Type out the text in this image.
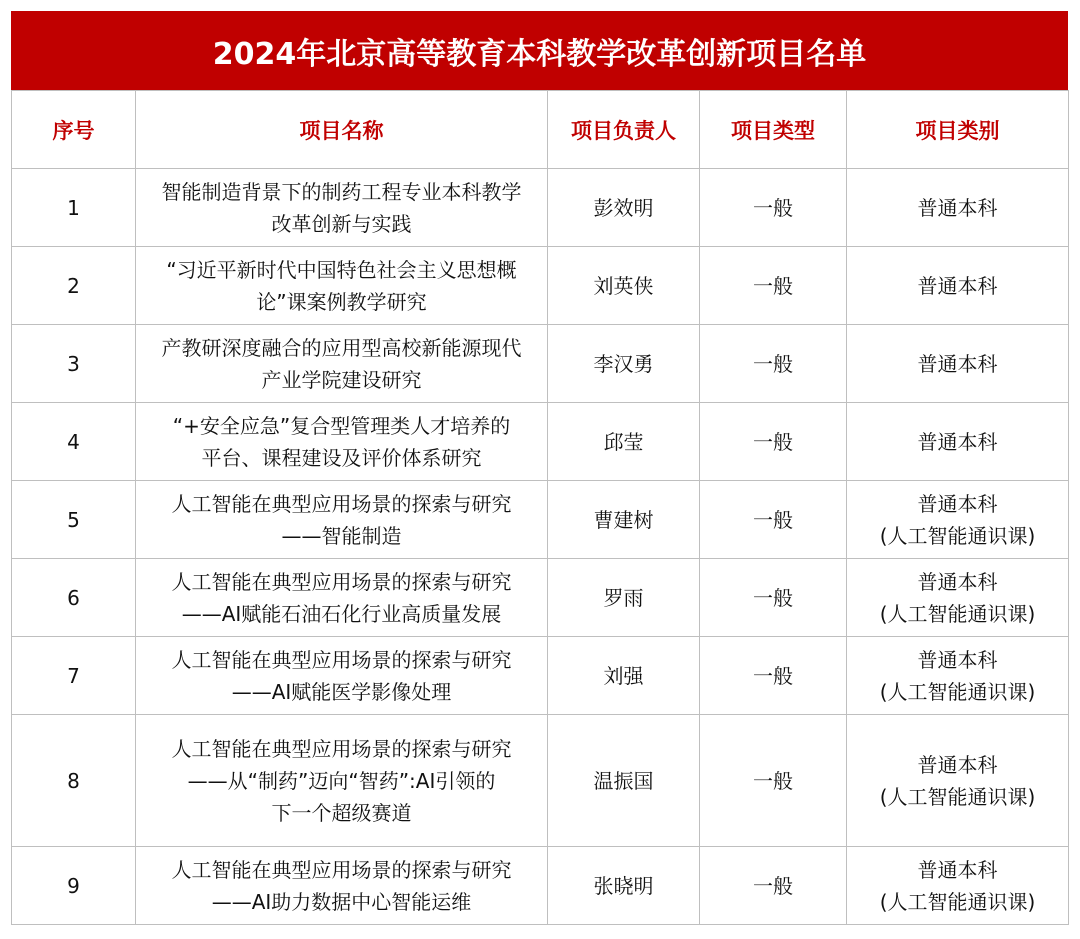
2024年北京高等教育本科教学改革创新项目名单
序号	项目名称	项目负责人	项目类型	项目类别
1	智能制造背景下的制药工程专业本科教学
改革创新与实践	彭效明	一般	普通本科

2	“习近平新时代中国特色社会主义思想概
论”课案例教学研究	刘英侠	一般	普通本科

3	产教研深度融合的应用型高校新能源现代
产业学院建设研究	李汉勇	一般	普通本科

4	“+安全应急”复合型管理类人才培养的
平台、课程建设及评价体系研究	邱莹	一般	普通本科

5	人工智能在典型应用场景的探索与研究
——智能制造	曹建树	一般	普通本科
(人工智能通识课)

6	人工智能在典型应用场景的探索与研究
——AI赋能石油石化行业高质量发展	罗雨	一般	普通本科
(人工智能通识课)

7	人工智能在典型应用场景的探索与研究
——AI赋能医学影像处理	刘强	一般	普通本科
(人工智能通识课)

8	人工智能在典型应用场景的探索与研究
——从“制药”迈向“智药”:AI引领的
下一个超级赛道	温振国	一般	普通本科
(人工智能通识课)

9	人工智能在典型应用场景的探索与研究
——AI助力数据中心智能运维	张晓明	一般	普通本科
(人工智能通识课)
